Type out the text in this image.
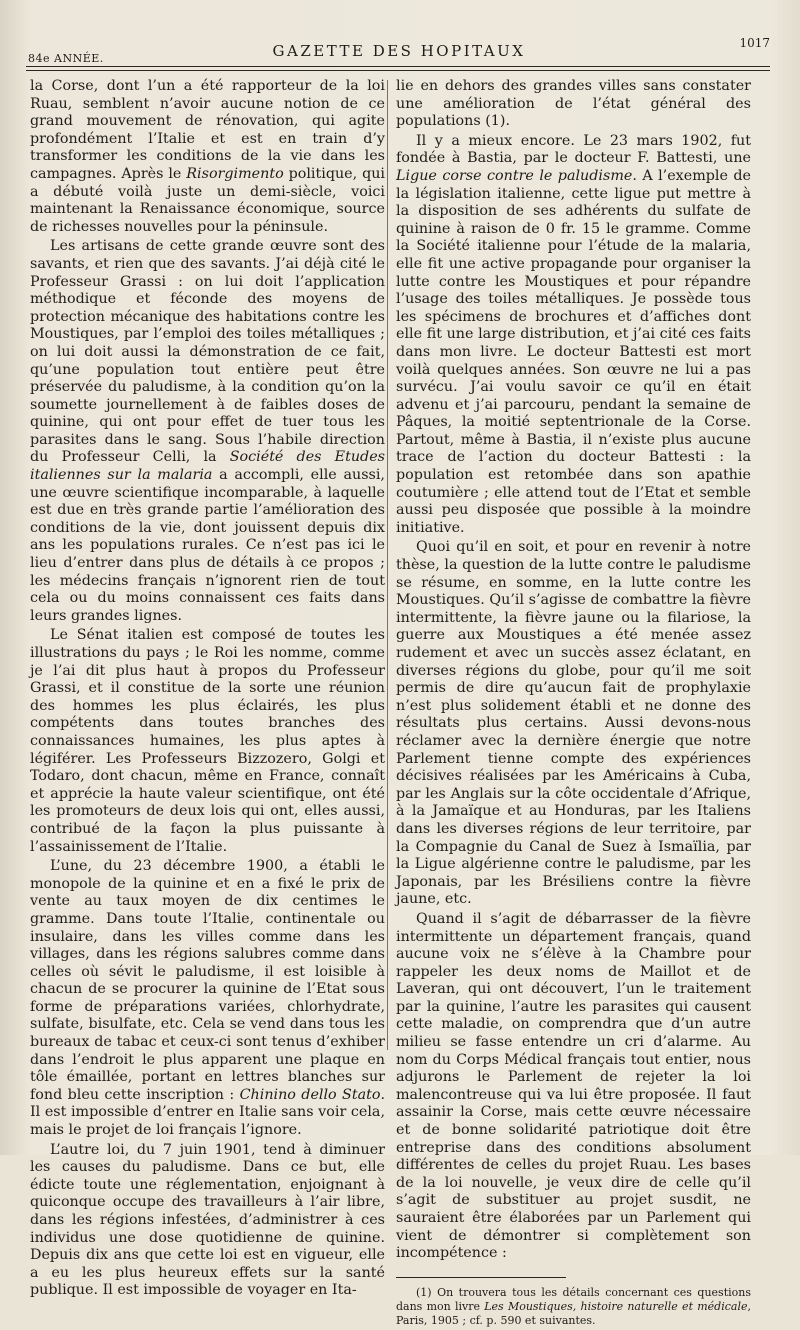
84e ANNÉE.	GAZETTE DES HOPITAUX	1017

la Corse, dont l’un a été rapporteur de la loi Ruau, semblent n’avoir aucune notion de ce grand mouvement de rénovation, qui agite profondément l’Italie et est en train d’y transformer les conditions de la vie dans les campagnes. Après le Risorgimento politique, qui a débuté voilà juste un demi-siècle, voici maintenant la Renaissance économique, source de richesses nouvelles pour la péninsule.

Les artisans de cette grande œuvre sont des savants, et rien que des savants. J’ai déjà cité le Professeur Grassi : on lui doit l’application méthodique et féconde des moyens de protection mécanique des habitations contre les Moustiques, par l’emploi des toiles métalliques ; on lui doit aussi la démonstration de ce fait, qu’une population tout entière peut être préservée du paludisme, à la condition qu’on la soumette journellement à de faibles doses de quinine, qui ont pour effet de tuer tous les parasites dans le sang. Sous l’habile direction du Professeur Celli, la Société des Etudes italiennes sur la malaria a accompli, elle aussi, une œuvre scientifique incomparable, à laquelle est due en très grande partie l’amélioration des conditions de la vie, dont jouissent depuis dix ans les populations rurales. Ce n’est pas ici le lieu d’entrer dans plus de détails à ce propos ; les médecins français n’ignorent rien de tout cela ou du moins connaissent ces faits dans leurs grandes lignes.

Le Sénat italien est composé de toutes les illustrations du pays ; le Roi les nomme, comme je l’ai dit plus haut à propos du Professeur Grassi, et il constitue de la sorte une réunion des hommes les plus éclairés, les plus compétents dans toutes branches des connaissances humaines, les plus aptes à légiférer. Les Professeurs Bizzozero, Golgi et Todaro, dont chacun, même en France, connaît et apprécie la haute valeur scientifique, ont été les promoteurs de deux lois qui ont, elles aussi, contribué de la façon la plus puissante à l’assainissement de l’Italie.

L’une, du 23 décembre 1900, a établi le monopole de la quinine et en a fixé le prix de vente au taux moyen de dix centimes le gramme. Dans toute l’Italie, continentale ou insulaire, dans les villes comme dans les villages, dans les régions salubres comme dans celles où sévit le paludisme, il est loisible à chacun de se procurer la quinine de l’Etat sous forme de préparations variées, chlorhydrate, sulfate, bisulfate, etc. Cela se vend dans tous les bureaux de tabac et ceux-ci sont tenus d’exhiber dans l’endroit le plus apparent une plaque en tôle émaillée, portant en lettres blanches sur fond bleu cette inscription : Chinino dello Stato. Il est impossible d’entrer en Italie sans voir cela, mais le projet de loi français l’ignore.

L’autre loi, du 7 juin 1901, tend à diminuer les causes du paludisme. Dans ce but, elle édicte toute une réglementation, enjoignant à quiconque occupe des travailleurs à l’air libre, dans les régions infestées, d’administrer à ces individus une dose quotidienne de quinine. Depuis dix ans que cette loi est en vigueur, elle a eu les plus heureux effets sur la santé publique. Il est impossible de voyager en Ita-

lie en dehors des grandes villes sans constater une amélioration de l’état général des populations (1).

Il y a mieux encore. Le 23 mars 1902, fut fondée à Bastia, par le docteur F. Battesti, une Ligue corse contre le paludisme. A l’exemple de la législation italienne, cette ligue put mettre à la disposition de ses adhérents du sulfate de quinine à raison de 0 fr. 15 le gramme. Comme la Société italienne pour l’étude de la malaria, elle fit une active propagande pour organiser la lutte contre les Moustiques et pour répandre l’usage des toiles métalliques. Je possède tous les spécimens de brochures et d’affiches dont elle fit une large distribution, et j’ai cité ces faits dans mon livre. Le docteur Battesti est mort voilà quelques années. Son œuvre ne lui a pas survécu. J’ai voulu savoir ce qu’il en était advenu et j’ai parcouru, pendant la semaine de Pâques, la moitié septentrionale de la Corse. Partout, même à Bastia, il n’existe plus aucune trace de l’action du docteur Battesti : la population est retombée dans son apathie coutumière ; elle attend tout de l’Etat et semble aussi peu disposée que possible à la moindre initiative.

Quoi qu’il en soit, et pour en revenir à notre thèse, la question de la lutte contre le paludisme se résume, en somme, en la lutte contre les Moustiques. Qu’il s’agisse de combattre la fièvre intermittente, la fièvre jaune ou la filariose, la guerre aux Moustiques a été menée assez rudement et avec un succès assez éclatant, en diverses régions du globe, pour qu’il me soit permis de dire qu’aucun fait de prophylaxie n’est plus solidement établi et ne donne des résultats plus certains. Aussi devons-nous réclamer avec la dernière énergie que notre Parlement tienne compte des expériences décisives réalisées par les Américains à Cuba, par les Anglais sur la côte occidentale d’Afrique, à la Jamaïque et au Honduras, par les Italiens dans les diverses régions de leur territoire, par la Compagnie du Canal de Suez à Ismaïlia, par la Ligue algérienne contre le paludisme, par les Japonais, par les Brésiliens contre la fièvre jaune, etc.

Quand il s’agit de débarrasser de la fièvre intermittente un département français, quand aucune voix ne s’élève à la Chambre pour rappeler les deux noms de Maillot et de Laveran, qui ont découvert, l’un le traitement par la quinine, l’autre les parasites qui causent cette maladie, on comprendra que d’un autre milieu se fasse entendre un cri d’alarme. Au nom du Corps Médical français tout entier, nous adjurons le Parlement de rejeter la loi malencontreuse qui va lui être proposée. Il faut assainir la Corse, mais cette œuvre nécessaire et de bonne solidarité patriotique doit être entreprise dans des conditions absolument différentes de celles du projet Ruau. Les bases de la loi nouvelle, je veux dire de celle qu’il s’agit de substituer au projet susdit, ne sauraient être élaborées par un Parlement qui vient de démontrer si complètement son incompétence :

(1) On trouvera tous les détails concernant ces questions dans mon livre Les Moustiques, histoire naturelle et médicale, Paris, 1905 ; cf. p. 590 et suivantes.
